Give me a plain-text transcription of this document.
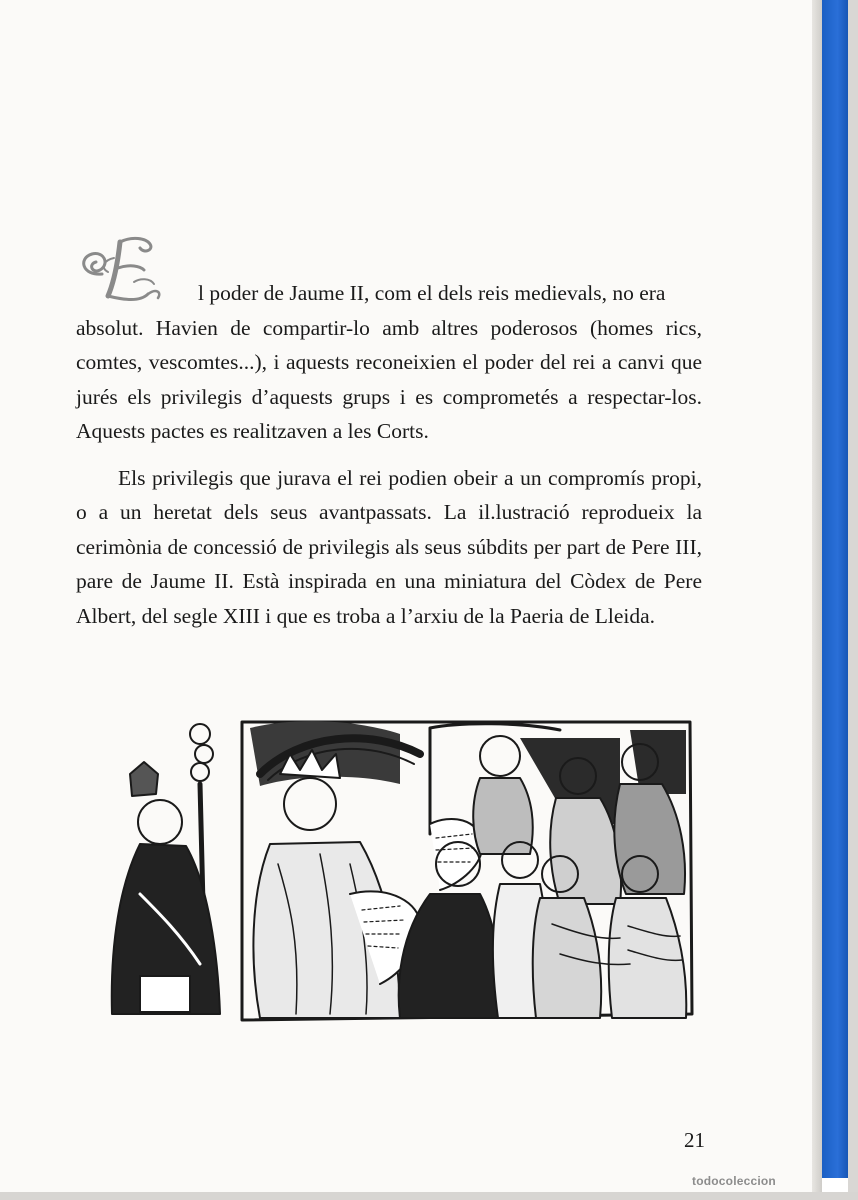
l poder de Jaume II, com el dels reis medievals, no era
absolut. Havien de compartir-lo amb altres poderosos (homes rics, comtes, vescomtes...), i aquests reconeixien el poder del rei a canvi que jurés els privilegis d’aquests grups i es comprometés a respectar-los. Aquests pactes es realitzaven a les Corts.

Els privilegis que jurava el rei podien obeir a un compromís propi, o a un heretat dels seus avantpassats. La il.lustració reprodueix la cerimònia de concessió de privilegis als seus súbdits per part de Pere III, pare de Jaume II. Està inspirada en una miniatura del Còdex de Pere Albert, del segle XIII i que es troba a l’arxiu de la Paeria de Lleida.

21
todocoleccion
